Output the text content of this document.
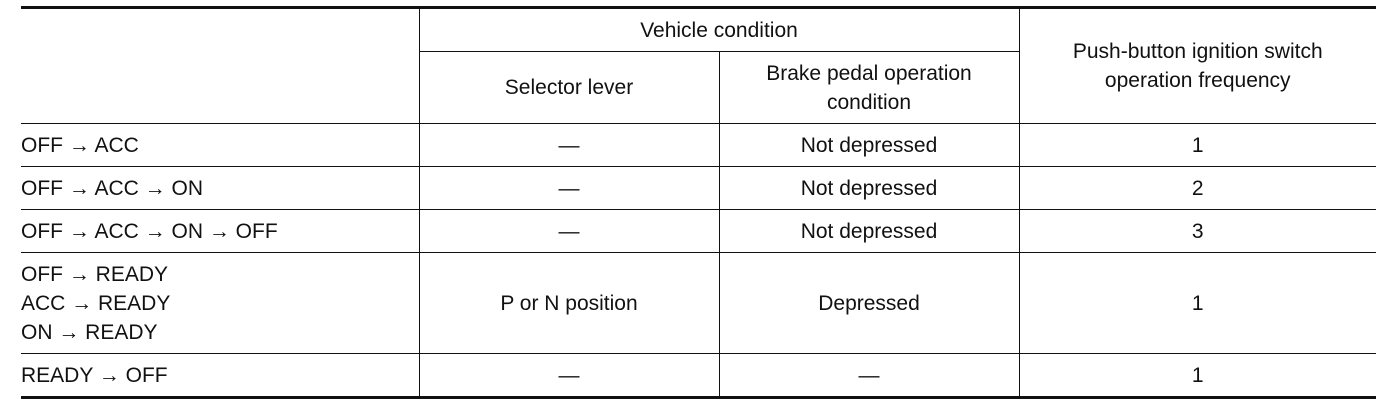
	Vehicle condition		Push-button ignition switch
operation frequency

	Selector lever	Brake pedal operation
condition	

OFF → ACC	—	Not depressed	1

OFF → ACC → ON	—	Not depressed	2

OFF → ACC → ON → OFF	—	Not depressed	3

OFF → READY
ACC → READY
ON → READY	P or N position	Depressed	1

READY → OFF	—	—	1
